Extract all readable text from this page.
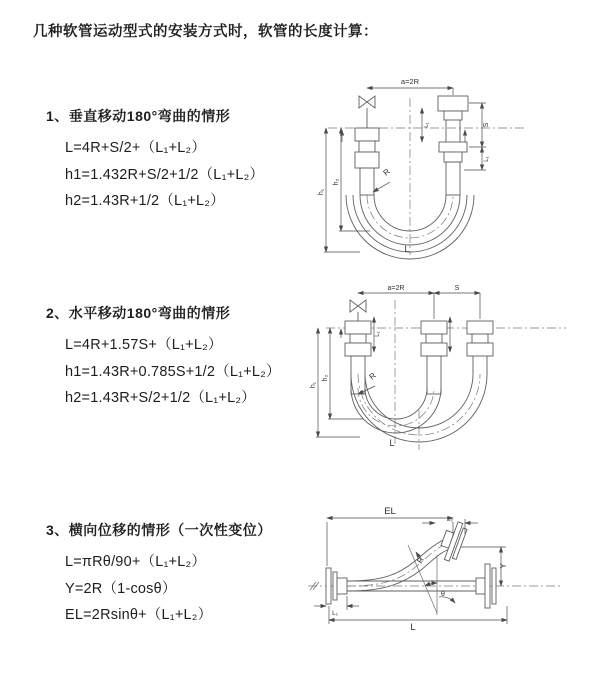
几种软管运动型式的安装方式时，软管的长度计算：
1、垂直移动180°弯曲的情形
L=4R+S/2+（L₁+L₂）
h1=1.432R+S/2+1/2（L₁+L₂）
h2=1.43R+1/2（L₁+L₂）
2、水平移动180°弯曲的情形
L=4R+1.57S+（L₁+L₂）
h1=1.43R+0.785S+1/2（L₁+L₂）
h2=1.43R+S/2+1/2（L₁+L₂）
3、横向位移的情形（一次性变位）
L=πRθ/90+（L₁+L₂）
Y=2R（1-cosθ）
EL=2Rsinθ+（L₁+L₂）
a=2R
R
L
h₁
h₂
L₁	S
L₁
a=2R	S
R
L
h₁
h₂
L₁
EL
L₂
Y
θ
R
L
L₁
